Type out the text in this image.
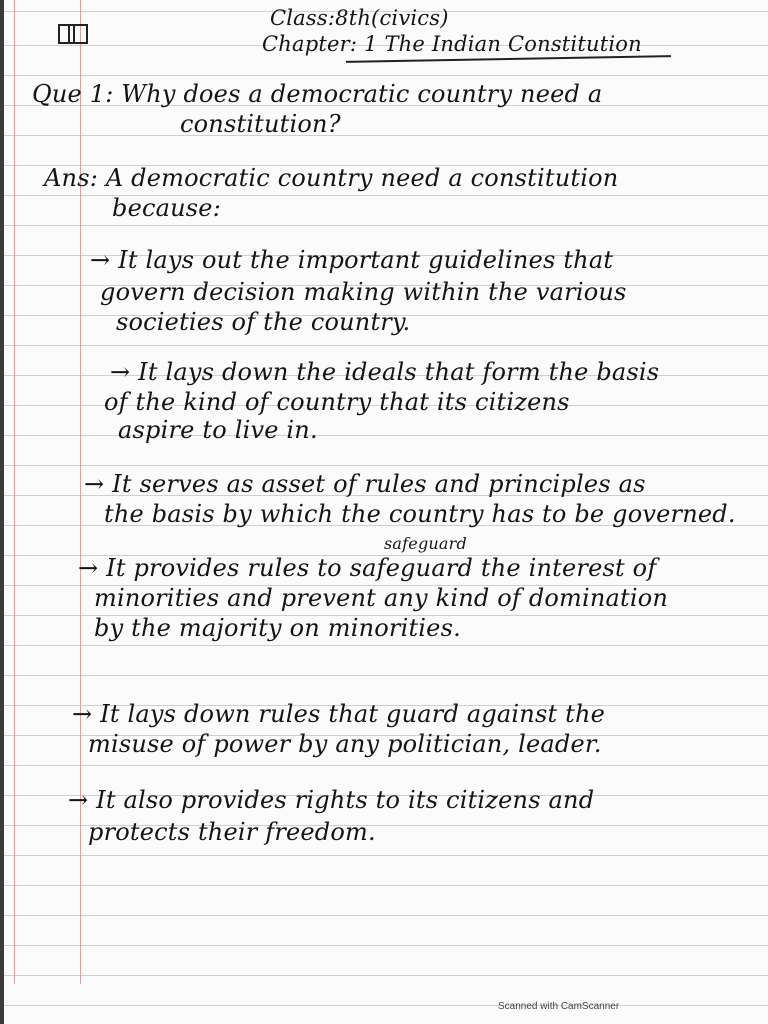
Class:8th(civics)
Chapter: 1 The Indian Constitution
Que 1: Why does a democratic country need a
constitution?
Ans: A democratic country need a constitution
because:
→ It lays out the important guidelines that
govern decision making within the various
societies of the country.
→ It lays down the ideals that form the basis
of the kind of country that its citizens
aspire to live in.
→ It serves as asset of rules and principles as
the basis by which the country has to be governed.
safeguard
→ It provides rules to safeguard the interest of
minorities and prevent any kind of domination
by the majority on minorities.
→ It lays down rules that guard against the
misuse of power by any politician, leader.
→ It also provides rights to its citizens and
protects their freedom.
Scanned with CamScanner
